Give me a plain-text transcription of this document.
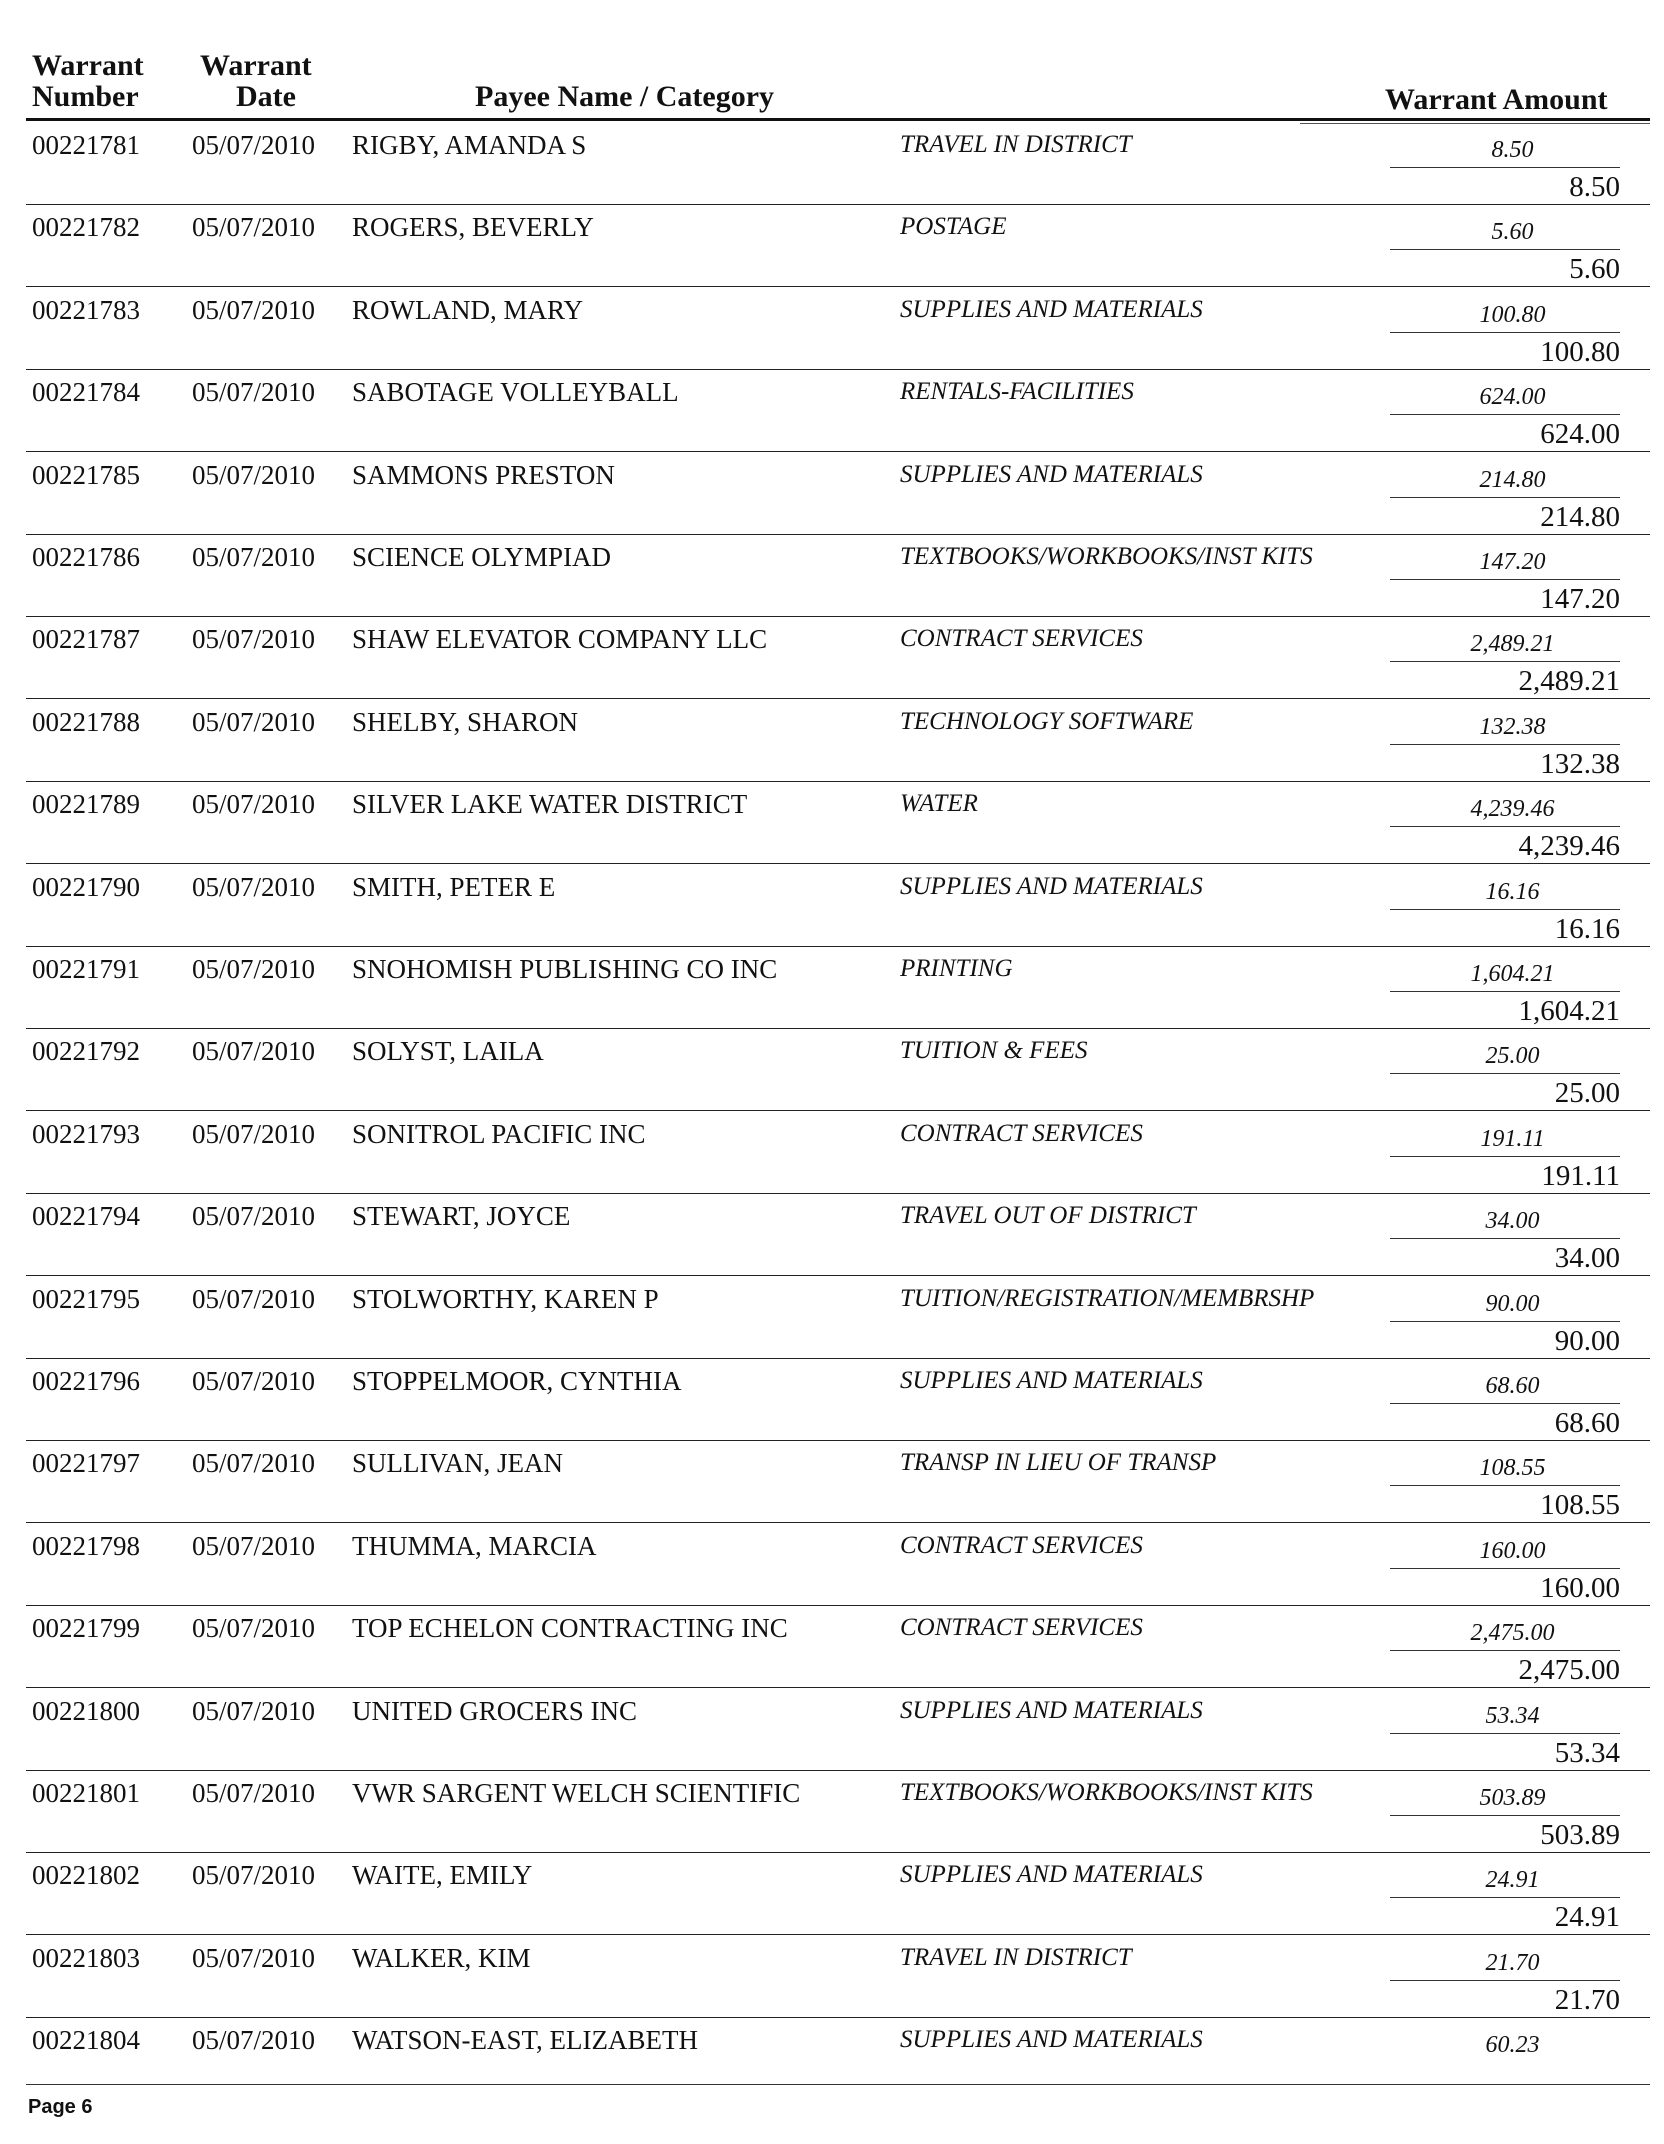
Warrant
Number
Warrant
Date	Payee Name / Category	Warrant Amount
00221781 05/07/2010 RIGBY, AMANDA S	TRAVEL IN DISTRICT	8.50
8.50
00221782 05/07/2010 ROGERS, BEVERLY	POSTAGE	5.60
5.60
00221783 05/07/2010 ROWLAND, MARY	SUPPLIES AND MATERIALS	100.80
100.80
00221784 05/07/2010 SABOTAGE VOLLEYBALL	RENTALS-FACILITIES	624.00
624.00
00221785 05/07/2010 SAMMONS PRESTON	SUPPLIES AND MATERIALS	214.80
214.80
00221786 05/07/2010 SCIENCE OLYMPIAD	TEXTBOOKS/WORKBOOKS/INST KITS	147.20
147.20
00221787 05/07/2010 SHAW ELEVATOR COMPANY LLC	CONTRACT SERVICES	2,489.21
2,489.21
00221788 05/07/2010 SHELBY, SHARON	TECHNOLOGY SOFTWARE	132.38
132.38
00221789 05/07/2010 SILVER LAKE WATER DISTRICT	WATER	4,239.46
4,239.46
00221790 05/07/2010 SMITH, PETER E	SUPPLIES AND MATERIALS	16.16
16.16
00221791 05/07/2010 SNOHOMISH PUBLISHING CO INC	PRINTING	1,604.21
1,604.21
00221792 05/07/2010 SOLYST, LAILA	TUITION & FEES	25.00
25.00
00221793 05/07/2010 SONITROL PACIFIC INC	CONTRACT SERVICES	191.11
191.11
00221794 05/07/2010 STEWART, JOYCE	TRAVEL OUT OF DISTRICT	34.00
34.00
00221795 05/07/2010 STOLWORTHY, KAREN P	TUITION/REGISTRATION/MEMBRSHP	90.00
90.00
00221796 05/07/2010 STOPPELMOOR, CYNTHIA	SUPPLIES AND MATERIALS	68.60
68.60
00221797 05/07/2010 SULLIVAN, JEAN	TRANSP IN LIEU OF TRANSP	108.55
108.55
00221798 05/07/2010 THUMMA, MARCIA	CONTRACT SERVICES	160.00
160.00
00221799 05/07/2010 TOP ECHELON CONTRACTING INC	CONTRACT SERVICES	2,475.00
2,475.00
00221800 05/07/2010 UNITED GROCERS INC	SUPPLIES AND MATERIALS	53.34
53.34
00221801 05/07/2010 VWR SARGENT WELCH SCIENTIFIC	TEXTBOOKS/WORKBOOKS/INST KITS	503.89
503.89
00221802 05/07/2010 WAITE, EMILY	SUPPLIES AND MATERIALS	24.91
24.91
00221803 05/07/2010 WALKER, KIM	TRAVEL IN DISTRICT	21.70
21.70
00221804 05/07/2010 WATSON-EAST, ELIZABETH	SUPPLIES AND MATERIALS	60.23
Page 6
